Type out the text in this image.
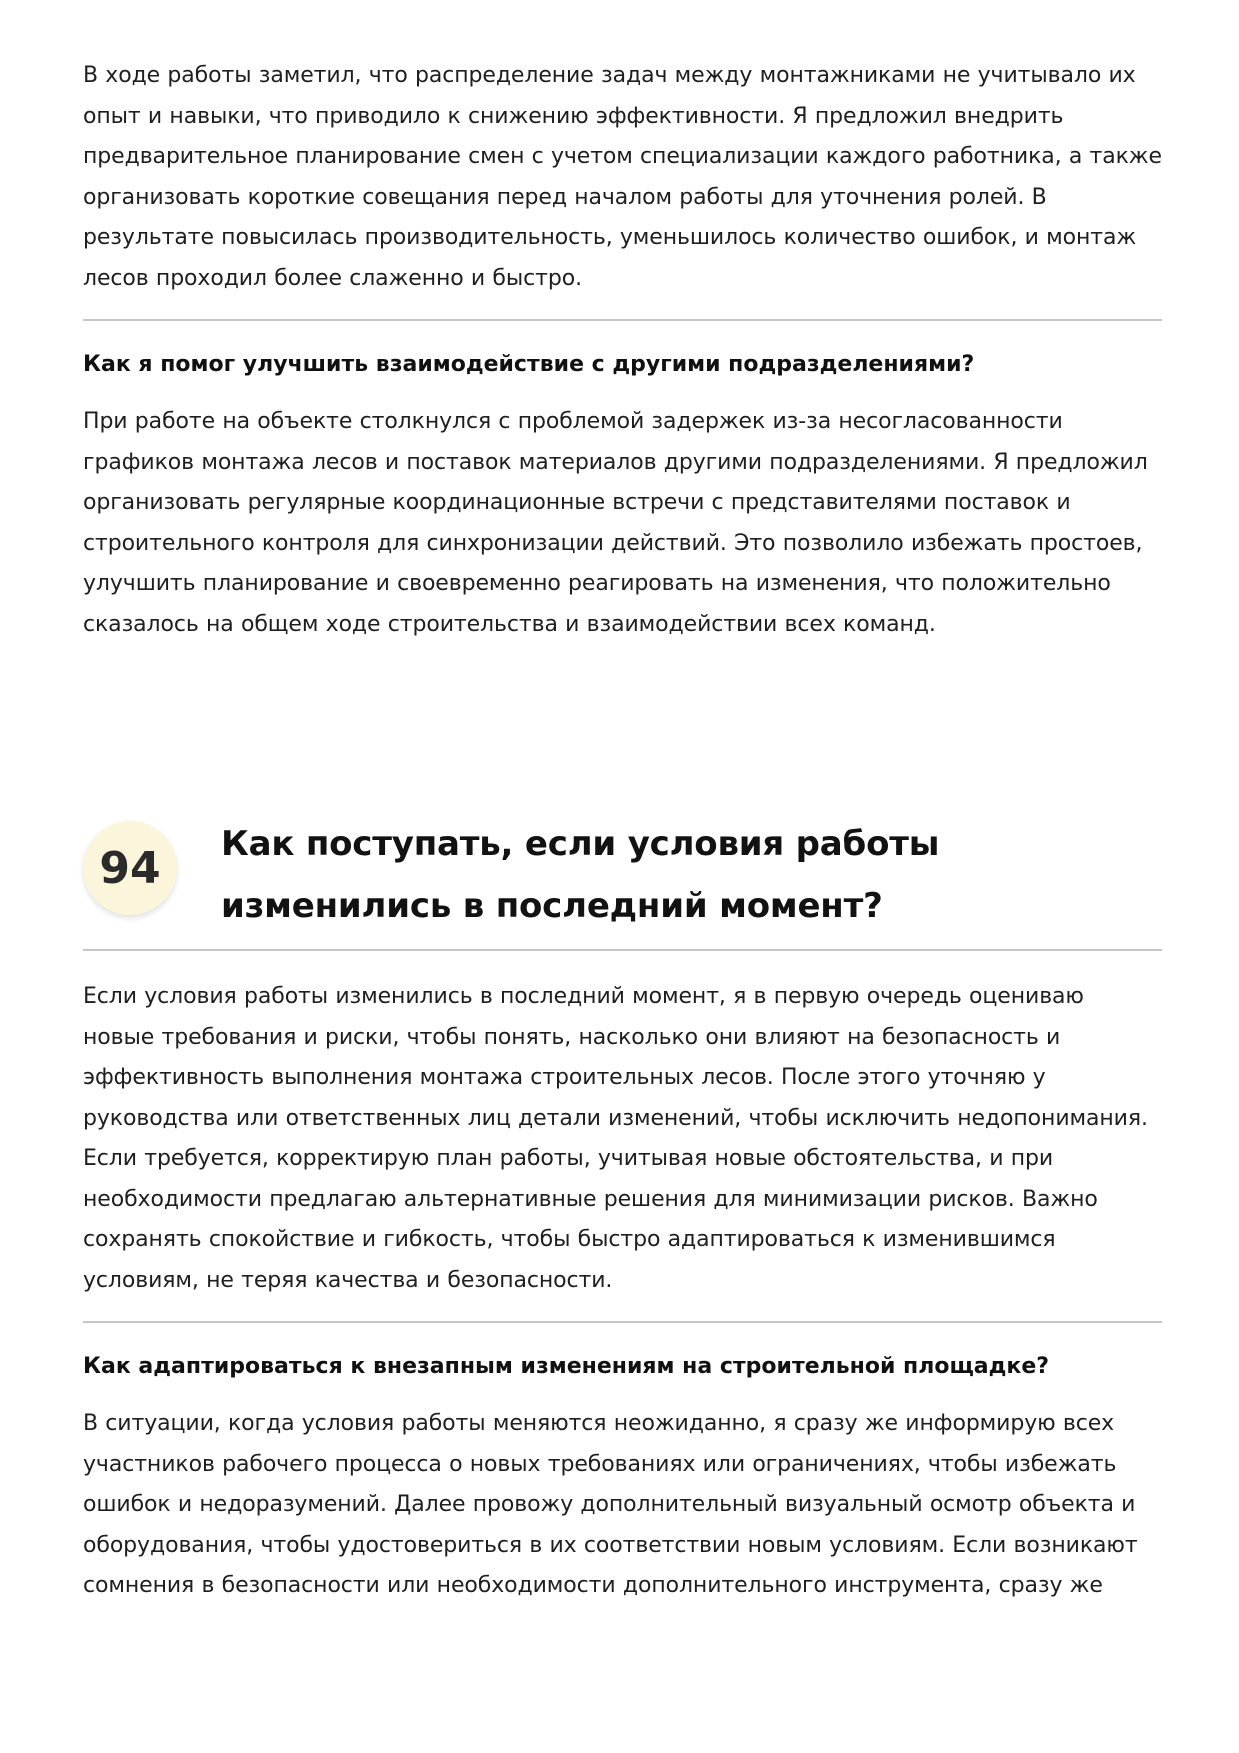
В ходе работы заметил, что распределение задач между монтажниками не учитывало их опыт и навыки, что приводило к снижению эффективности. Я предложил внедрить предварительное планирование смен с учетом специализации каждого работника, а также организовать короткие совещания перед началом работы для уточнения ролей. В результате повысилась производительность, уменьшилось количество ошибок, и монтаж лесов проходил более слаженно и быстро.

Как я помог улучшить взаимодействие с другими подразделениями?

При работе на объекте столкнулся с проблемой задержек из-за несогласованности графиков монтажа лесов и поставок материалов другими подразделениями. Я предложил организовать регулярные координационные встречи с представителями поставок и строительного контроля для синхронизации действий. Это позволило избежать простоев, улучшить планирование и своевременно реагировать на изменения, что положительно сказалось на общем ходе строительства и взаимодействии всех команд.

94	Как поступать, если условия работы изменились в последний момент?

Если условия работы изменились в последний момент, я в первую очередь оцениваю новые требования и риски, чтобы понять, насколько они влияют на безопасность и эффективность выполнения монтажа строительных лесов. После этого уточняю у руководства или ответственных лиц детали изменений, чтобы исключить недопонимания. Если требуется, корректирую план работы, учитывая новые обстоятельства, и при необходимости предлагаю альтернативные решения для минимизации рисков. Важно сохранять спокойствие и гибкость, чтобы быстро адаптироваться к изменившимся условиям, не теряя качества и безопасности.

Как адаптироваться к внезапным изменениям на строительной площадке?

В ситуации, когда условия работы меняются неожиданно, я сразу же информирую всех участников рабочего процесса о новых требованиях или ограничениях, чтобы избежать ошибок и недоразумений. Далее провожу дополнительный визуальный осмотр объекта и оборудования, чтобы удостовериться в их соответствии новым условиям. Если возникают сомнения в безопасности или необходимости дополнительного инструмента, сразу же
